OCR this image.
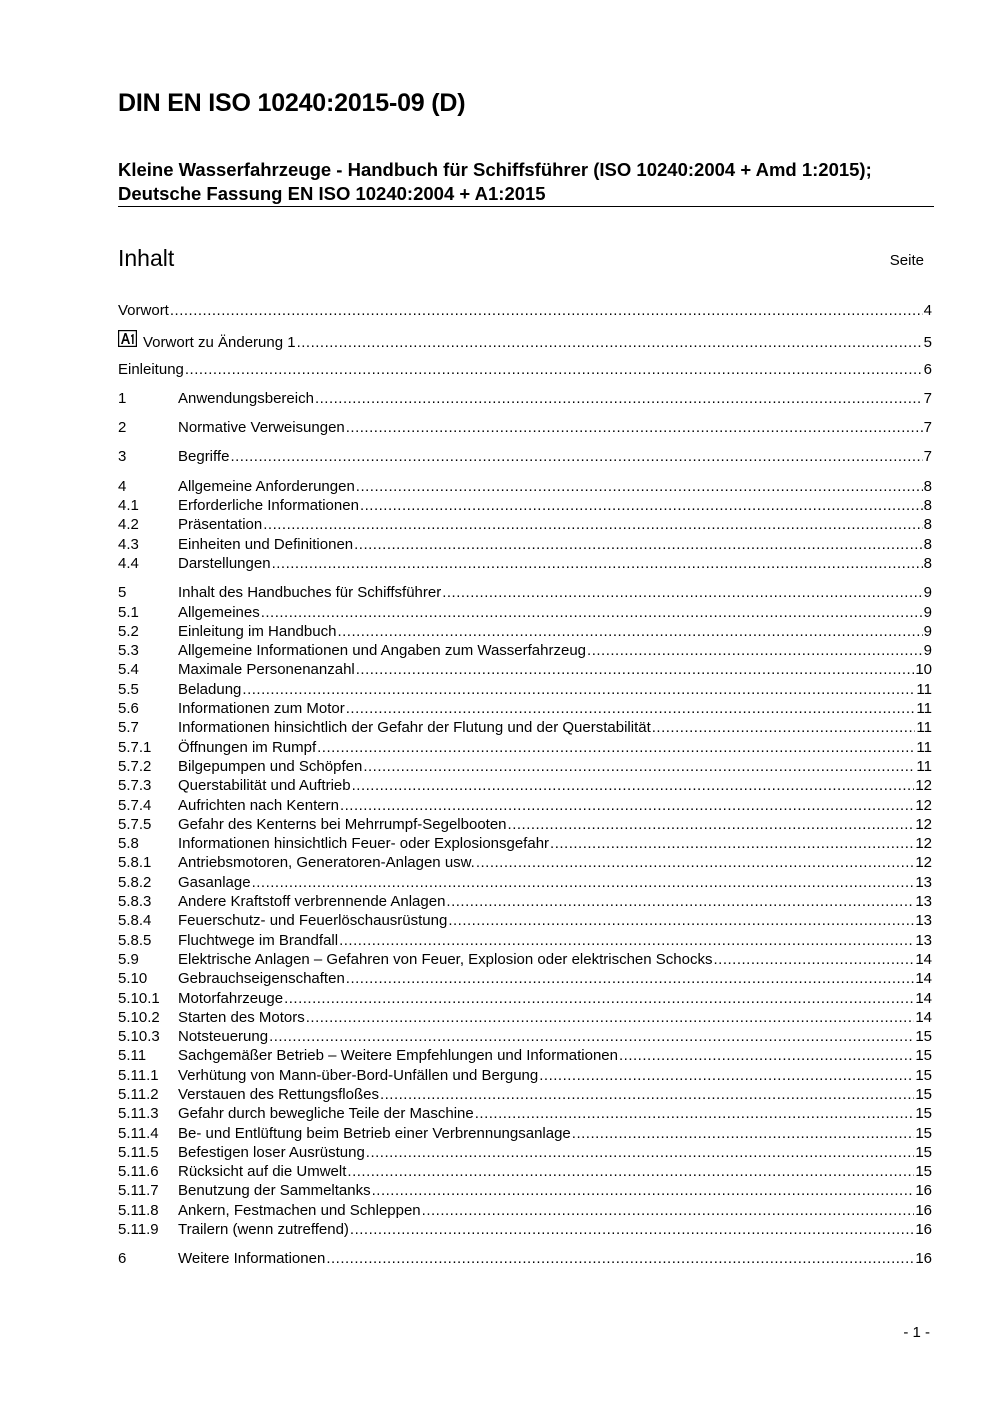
DIN EN ISO 10240:2015-09 (D)
Kleine Wasserfahrzeuge - Handbuch für Schiffsführer (ISO 10240:2004 + Amd 1:2015); Deutsche Fassung EN ISO 10240:2004 + A1:2015
Inhalt	Seite
Vorwort .....	4
Vorwort zu Änderung 1 .....	5
Einleitung .....	6
1	Anwendungsbereich .....	7
2	Normative Verweisungen .....	7
3	Begriffe .....	7
4	Allgemeine Anforderungen .....	8
4.1	Erforderliche Informationen .....	8
4.2	Präsentation .....	8
4.3	Einheiten und Definitionen .....	8
4.4	Darstellungen .....	8
5	Inhalt des Handbuches für Schiffsführer .....	9
5.1	Allgemeines .....	9
5.2	Einleitung im Handbuch .....	9
5.3	Allgemeine Informationen und Angaben zum Wasserfahrzeug .....	9
5.4	Maximale Personenanzahl .....	10
5.5	Beladung .....	11
5.6	Informationen zum Motor .....	11
5.7	Informationen hinsichtlich der Gefahr der Flutung und der Querstabilität .....	11
5.7.1	Öffnungen im Rumpf .....	11
5.7.2	Bilgepumpen und Schöpfen .....	11
5.7.3	Querstabilität und Auftrieb .....	12
5.7.4	Aufrichten nach Kentern .....	12
5.7.5	Gefahr des Kenterns bei Mehrrumpf-Segelbooten .....	12
5.8	Informationen hinsichtlich Feuer- oder Explosionsgefahr .....	12
5.8.1	Antriebsmotoren, Generatoren-Anlagen usw. .....	12
5.8.2	Gasanlage .....	13
5.8.3	Andere Kraftstoff verbrennende Anlagen .....	13
5.8.4	Feuerschutz- und Feuerlöschausrüstung .....	13
5.8.5	Fluchtwege im Brandfall .....	13
5.9	Elektrische Anlagen – Gefahren von Feuer, Explosion oder elektrischen Schocks .....	14
5.10	Gebrauchseigenschaften .....	14
5.10.1	Motorfahrzeuge .....	14
5.10.2	Starten des Motors .....	14
5.10.3	Notsteuerung .....	15
5.11	Sachgemäßer Betrieb – Weitere Empfehlungen und Informationen .....	15
5.11.1	Verhütung von Mann-über-Bord-Unfällen und Bergung .....	15
5.11.2	Verstauen des Rettungsfloßes .....	15
5.11.3	Gefahr durch bewegliche Teile der Maschine .....	15
5.11.4	Be- und Entlüftung beim Betrieb einer Verbrennungsanlage .....	15
5.11.5	Befestigen loser Ausrüstung .....	15
5.11.6	Rücksicht auf die Umwelt .....	15
5.11.7	Benutzung der Sammeltanks .....	16
5.11.8	Ankern, Festmachen und Schleppen .....	16
5.11.9	Trailern (wenn zutreffend) .....	16
6	Weitere Informationen .....	16
- 1 -
